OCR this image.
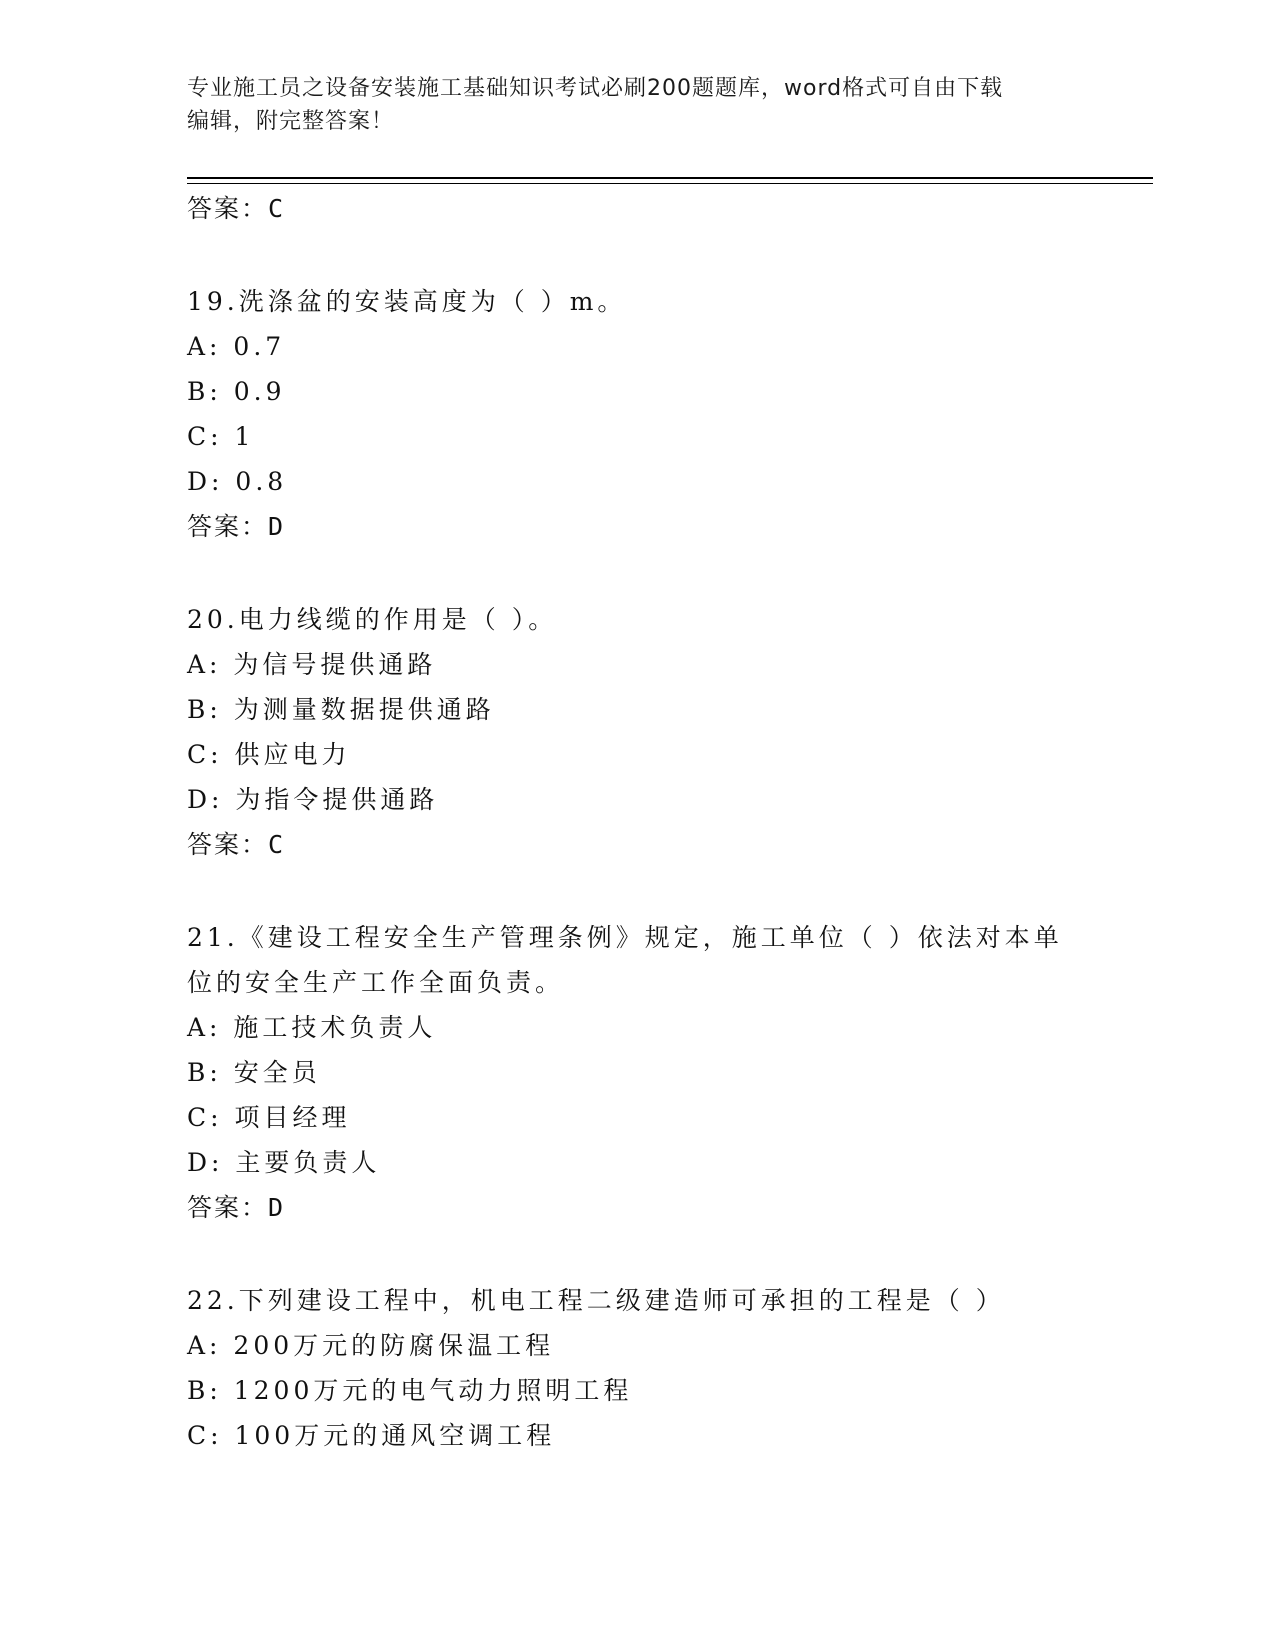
专业施工员之设备安装施工基础知识考试必刷200题题库，word格式可自由下载
编辑，附完整答案！
答案：C
19.洗涤盆的安装高度为（ ）m。
A: 0.7
B: 0.9
C: 1
D: 0.8
答案：D
20.电力线缆的作用是（ ）。
A: 为信号提供通路
B: 为测量数据提供通路
C: 供应电力
D: 为指令提供通路
答案：C
21.《建设工程安全生产管理条例》规定，施工单位（ ）依法对本单位的安全生产工作全面负责。
A: 施工技术负责人
B: 安全员
C: 项目经理
D: 主要负责人
答案：D
22.下列建设工程中，机电工程二级建造师可承担的工程是（ ）
A: 200万元的防腐保温工程
B: 1200万元的电气动力照明工程
C: 100万元的通风空调工程
